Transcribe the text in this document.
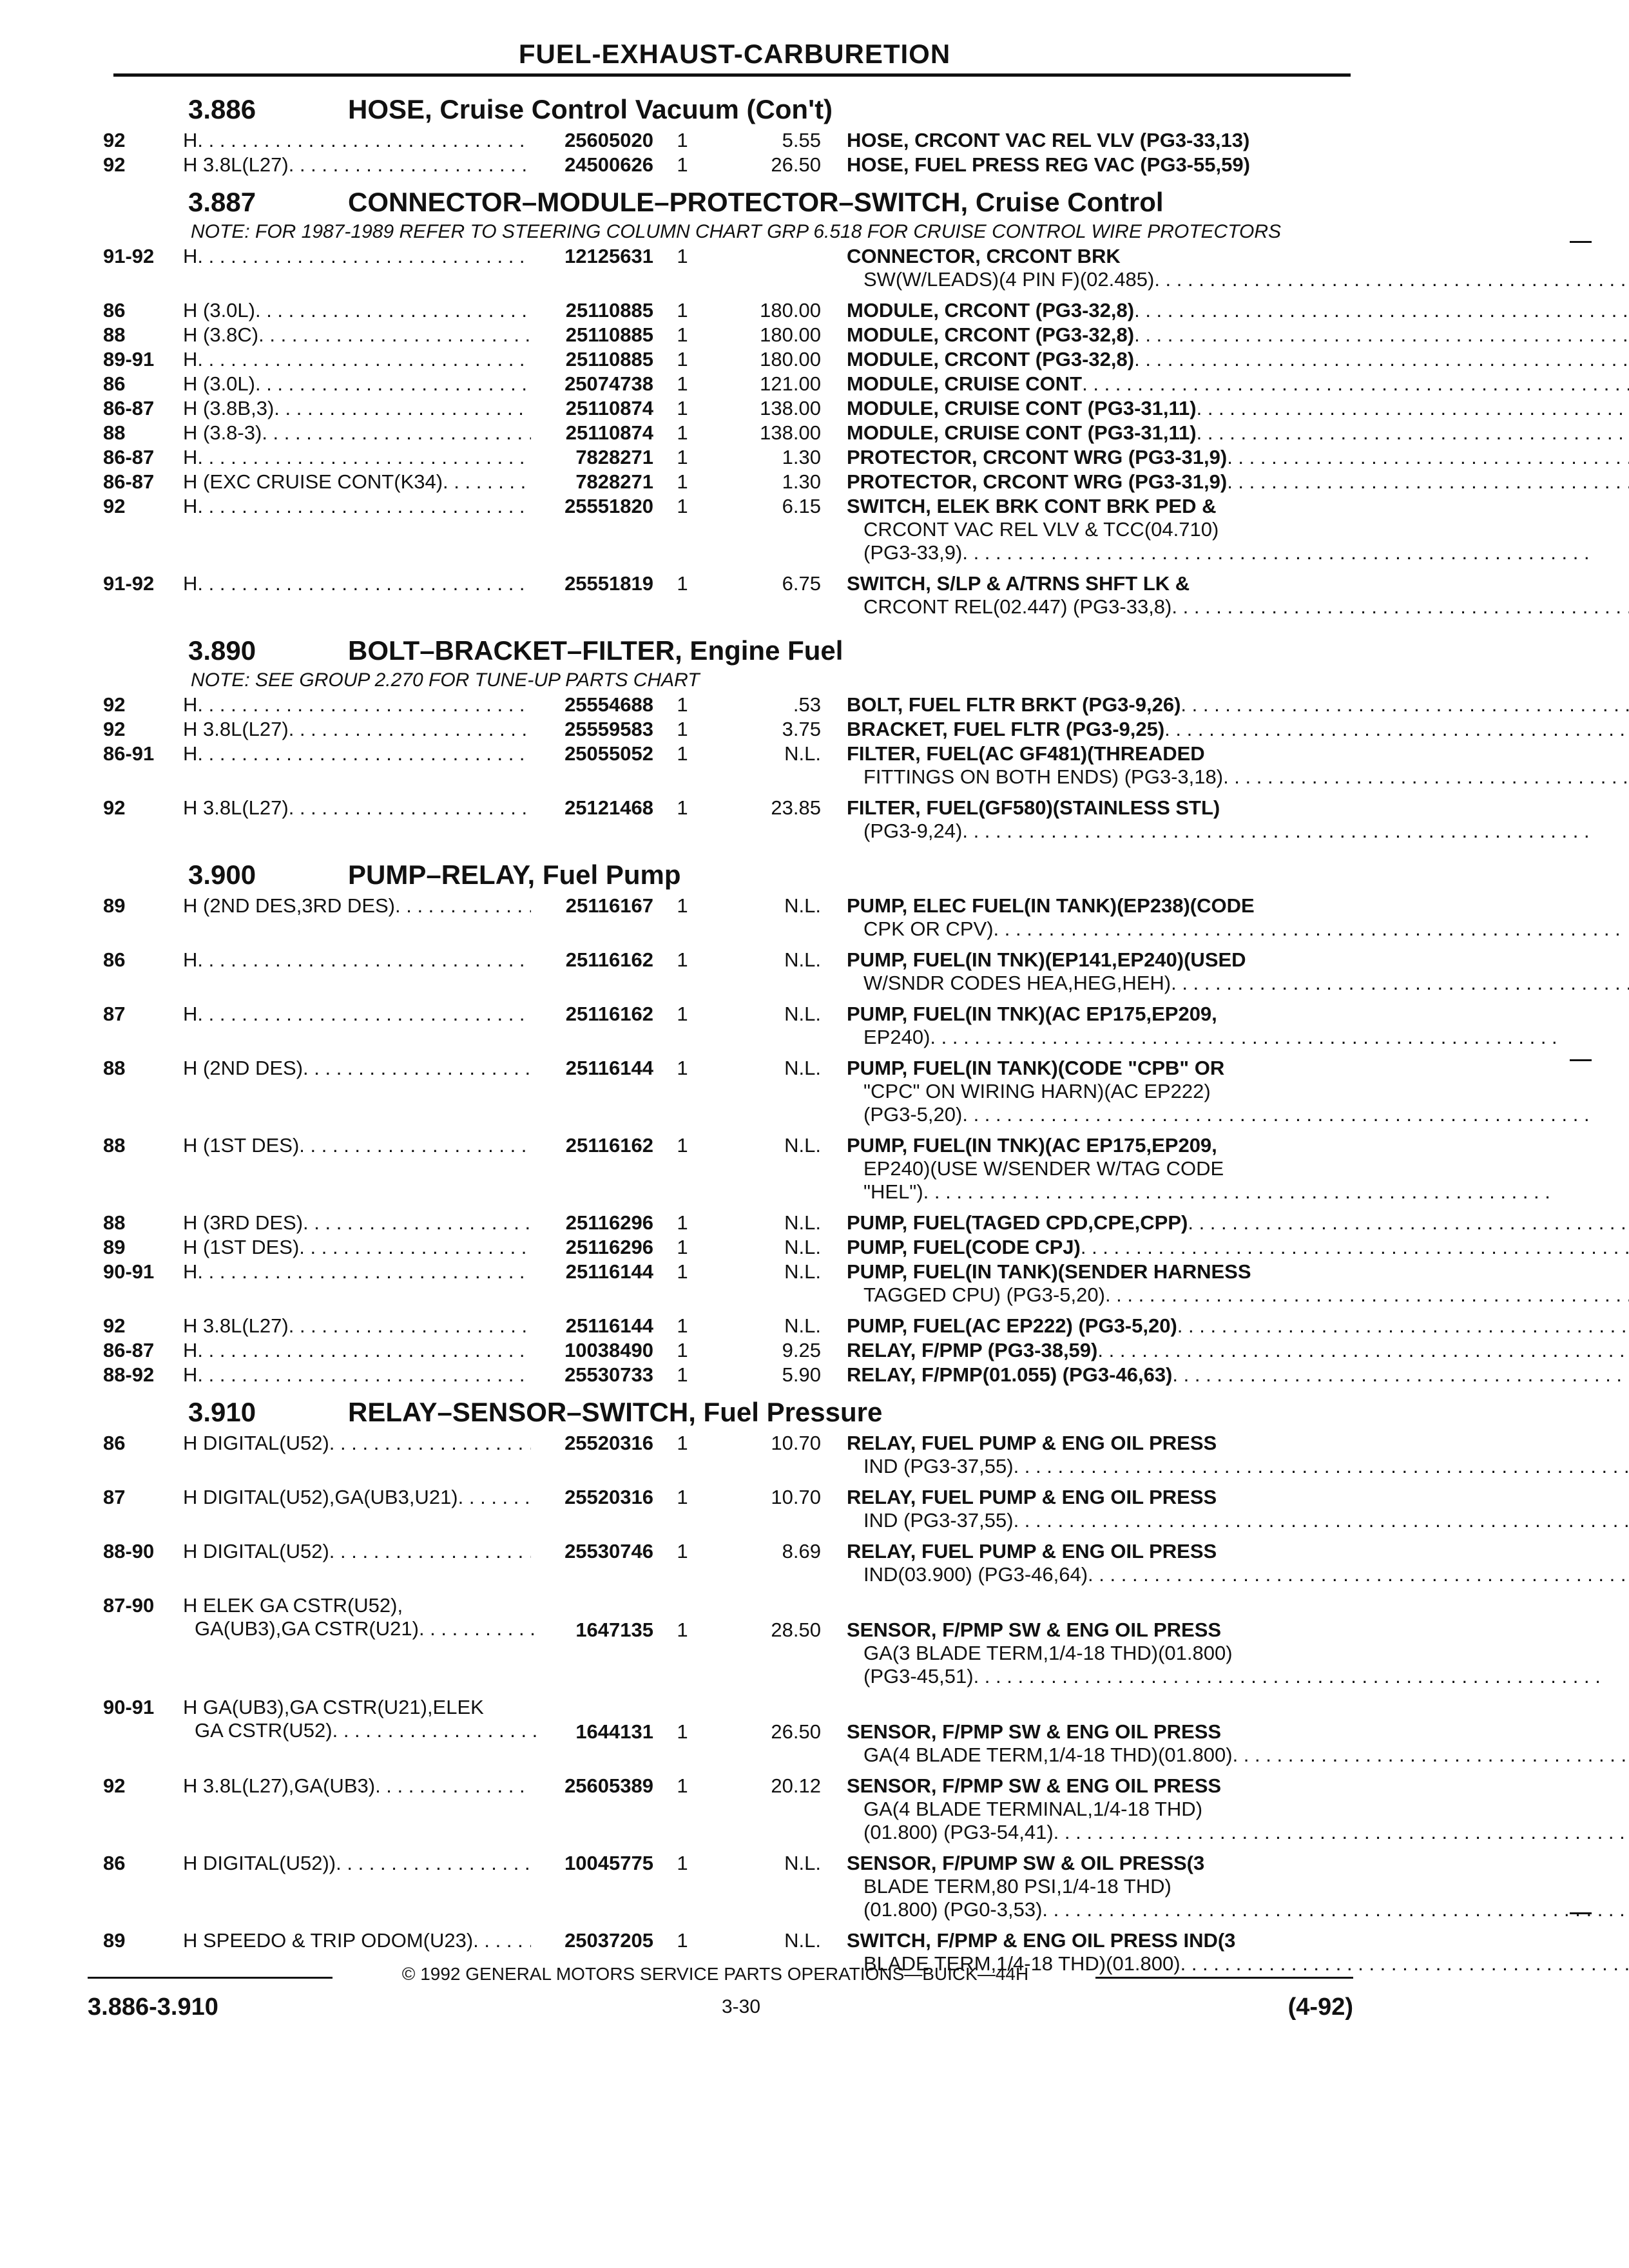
FUEL-EXHAUST-CARBURETION
3.886	HOSE, Cruise Control Vacuum (Con't)
92	H . . .	25605020	1	5.55 HOSE, CRCONT VAC REL VLV (PG3-33,13)
92	H 3.8L(L27) . . .	24500626	1	26.50 HOSE, FUEL PRESS REG VAC (PG3-55,59)
3.887	CONNECTOR–MODULE–PROTECTOR–SWITCH, Cruise Control
NOTE: FOR 1987-1989 REFER TO STEERING COLUMN CHART GRP 6.518 FOR CRUISE CONTROL WIRE PROTECTORS
91-92	H . . .	12125631	1	CONNECTOR, CRCONT BRK
SW(W/LEADS)(4 PIN F)(02.485)
. . .
86	H (3.0L) . . .	25110885	1	180.00 MODULE, CRCONT (PG3-32,8)
. . .
88	H (3.8C) . . .	25110885	1	180.00 MODULE, CRCONT (PG3-32,8)
. . .
89-91	H . . .	25110885	1	180.00 MODULE, CRCONT (PG3-32,8)
. . .
86	H (3.0L) . . .	25074738	1	121.00 MODULE, CRUISE CONT
. . .
86-87	H (3.8B,3) . . .	25110874	1	138.00 MODULE, CRUISE CONT (PG3-31,11)
. . .
88	H (3.8-3) . . .	25110874	1	138.00 MODULE, CRUISE CONT (PG3-31,11)
. . .
86-87	H . . .	7828271	1	1.30 PROTECTOR, CRCONT WRG (PG3-31,9)
. . .
86-87	H (EXC CRUISE CONT(K34) . . .	7828271	1	1.30 PROTECTOR, CRCONT WRG (PG3-31,9)
. . .
92	H . . .	25551820	1	6.15 SWITCH, ELEK BRK CONT BRK PED &
CRCONT VAC REL VLV & TCC(04.710)
(PG3-33,9)
. . .
91-92	H . . .	25551819	1	6.75 SWITCH, S/LP & A/TRNS SHFT LK &
CRCONT REL(02.447) (PG3-33,8)
. . .
3.890	BOLT–BRACKET–FILTER, Engine Fuel
NOTE: SEE GROUP 2.270 FOR TUNE-UP PARTS CHART
92	H . . .	25554688	1	.53 BOLT, FUEL FLTR BRKT (PG3-9,26)
. . .
92	H 3.8L(L27) . . .	25559583	1	3.75 BRACKET, FUEL FLTR (PG3-9,25)
. . .
86-91	H . . .	25055052	1	N.L. FILTER, FUEL(AC GF481)(THREADED
FITTINGS ON BOTH ENDS) (PG3-3,18)
. . .
92	H 3.8L(L27) . . .	25121468	1	23.85 FILTER, FUEL(GF580)(STAINLESS STL)
(PG3-9,24)
. . .
3.900	PUMP–RELAY, Fuel Pump
89	H (2ND DES,3RD DES) . . .	25116167	1	N.L. PUMP, ELEC FUEL(IN TANK)(EP238)(CODE
CPK OR CPV)
. . .
86	H . . .	25116162	1	N.L. PUMP, FUEL(IN TNK)(EP141,EP240)(USED
W/SNDR CODES HEA,HEG,HEH)
. . .
87	H . . .	25116162	1	N.L. PUMP, FUEL(IN TNK)(AC EP175,EP209,
EP240)
. . .
88	H (2ND DES) . . .	25116144	1	N.L. PUMP, FUEL(IN TANK)(CODE "CPB" OR
"CPC" ON WIRING HARN)(AC EP222)
(PG3-5,20)
. . .
88	H (1ST DES) . . .	25116162	1	N.L. PUMP, FUEL(IN TNK)(AC EP175,EP209,
EP240)(USE W/SENDER W/TAG CODE
"HEL")
. . .
88	H (3RD DES) . . .	25116296	1	N.L. PUMP, FUEL(TAGED CPD,CPE,CPP)
. . .
89	H (1ST DES) . . .	25116296	1	N.L. PUMP, FUEL(CODE CPJ)
. . .
90-91	H . . .	25116144	1	N.L. PUMP, FUEL(IN TANK)(SENDER HARNESS
TAGGED CPU) (PG3-5,20)
. . .
92	H 3.8L(L27) . . .	25116144	1	N.L. PUMP, FUEL(AC EP222) (PG3-5,20)
. . .
86-87	H . . .	10038490	1	9.25 RELAY, F/PMP (PG3-38,59)
. . .
88-92	H . . .	25530733	1	5.90 RELAY, F/PMP(01.055) (PG3-46,63)
. . .
3.910	RELAY–SENSOR–SWITCH, Fuel Pressure
86	H DIGITAL(U52) . . .	25520316	1	10.70 RELAY, FUEL PUMP & ENG OIL PRESS
IND (PG3-37,55)
. . .
87	H DIGITAL(U52),GA(UB3,U21) . . .	25520316	1	10.70 RELAY, FUEL PUMP & ENG OIL PRESS
IND (PG3-37,55)
. . .
88-90	H DIGITAL(U52) . . .	25530746	1	8.69 RELAY, FUEL PUMP & ENG OIL PRESS
IND(03.900) (PG3-46,64)
. . .
87-90	H ELEK GA CSTR(U52),
GA(UB3),GA CSTR(U21) . . .	1647135	1	28.50 SENSOR, F/PMP SW & ENG OIL PRESS
GA(3 BLADE TERM,1/4-18 THD)(01.800)
(PG3-45,51)
. . .
90-91	H GA(UB3),GA CSTR(U21),ELEK
GA CSTR(U52) . . .	1644131	1	26.50 SENSOR, F/PMP SW & ENG OIL PRESS
GA(4 BLADE TERM,1/4-18 THD)(01.800)
. . .
92	H 3.8L(L27),GA(UB3) . . .	25605389	1	20.12 SENSOR, F/PMP SW & ENG OIL PRESS
GA(4 BLADE TERMINAL,1/4-18 THD)
(01.800) (PG3-54,41)
. . .
86	H DIGITAL(U52)) . . .	10045775	1	N.L. SENSOR, F/PUMP SW & OIL PRESS(3
BLADE TERM,80 PSI,1/4-18 THD)
(01.800) (PG0-3,53)
. . .
89	H SPEEDO & TRIP ODOM(U23) . . .	25037205	1	N.L. SWITCH, F/PMP & ENG OIL PRESS IND(3
BLADE TERM,1/4-18 THD)(01.800)
. . .
© 1992 GENERAL MOTORS SERVICE PARTS OPERATIONS—BUICK—44H
3.886-3.910	3-30	(4-92)
